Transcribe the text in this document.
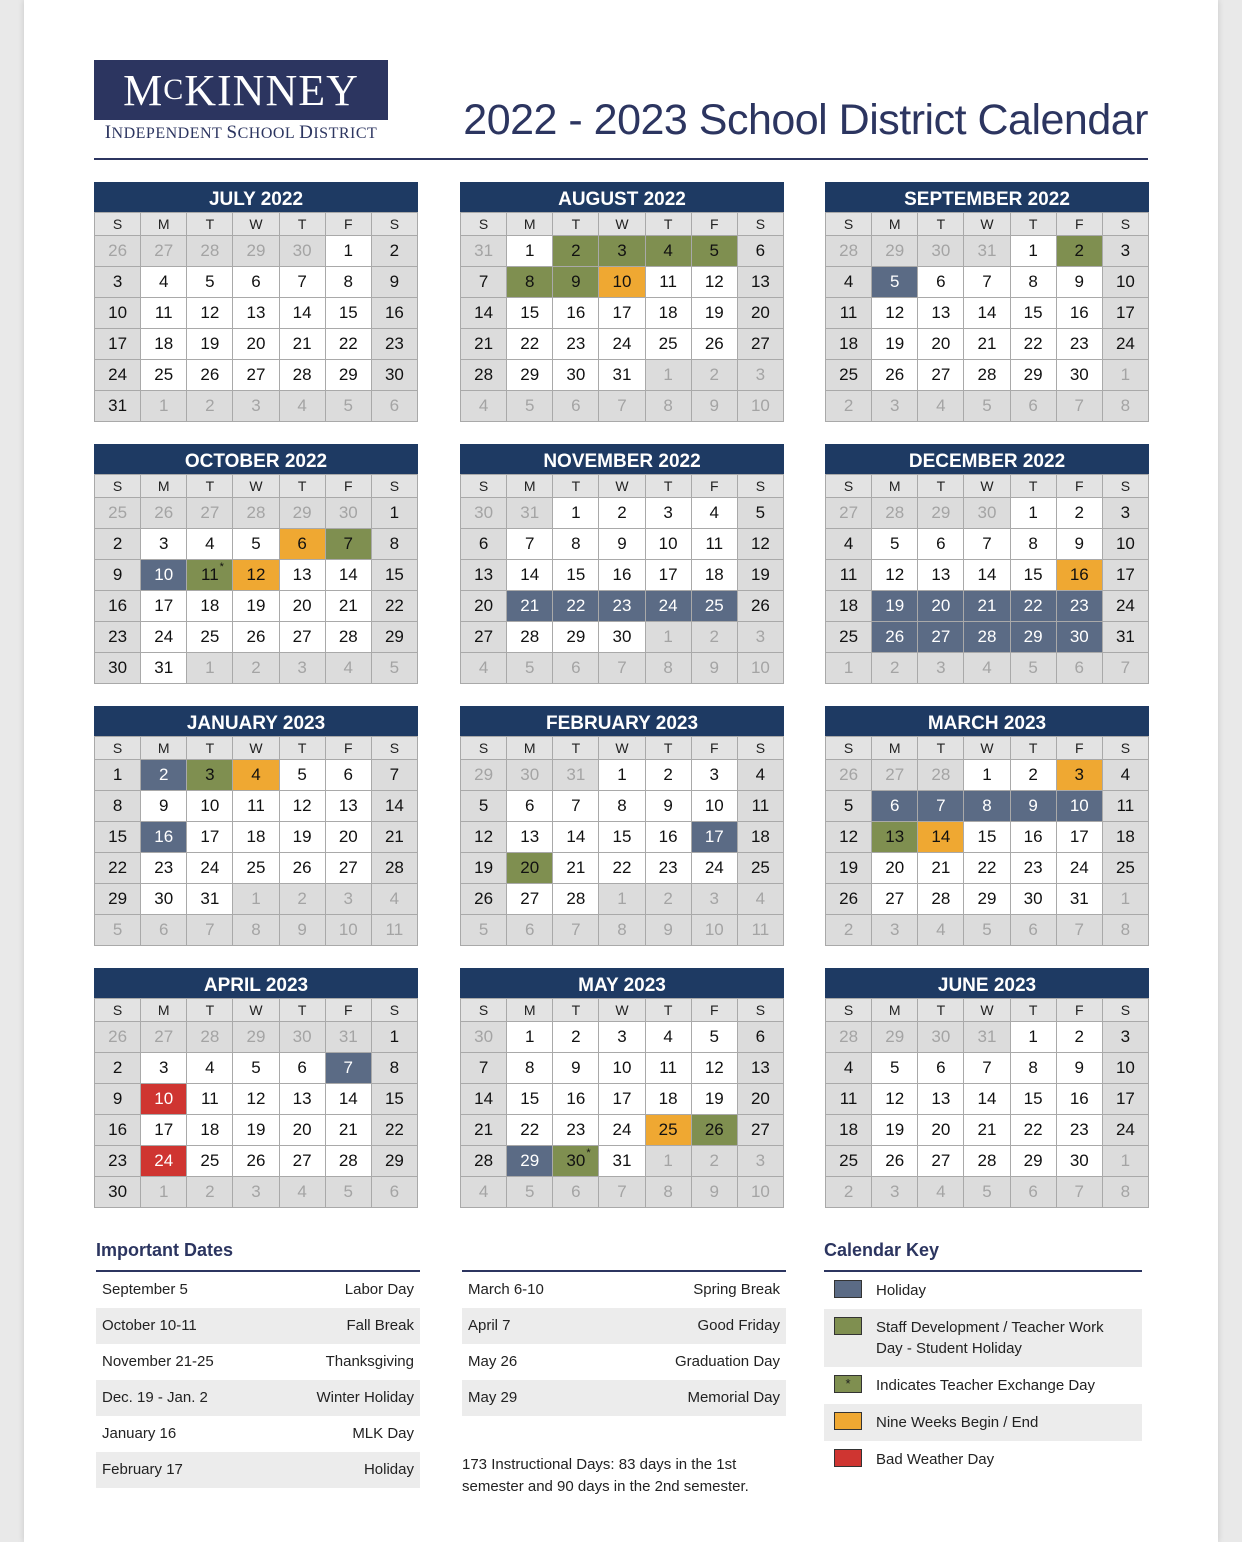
MCKINNEY
INDEPENDENT SCHOOL DISTRICT 2022 - 2023 School District Calendar
JULY 2022
S	M	T	W	T	F	S
26	27	28	29	30	1	2
3	4	5	6	7	8	9
10	11	12	13	14	15	16
17	18	19	20	21	22	23
24	25	26	27	28	29	30
31	1	2	3	4	5	6
AUGUST 2022
S	M	T	W	T	F	S
31	1	2	3	4	5	6
7	8	9	10	11	12	13
14	15	16	17	18	19	20
21	22	23	24	25	26	27
28	29	30	31	1	2	3
4	5	6	7	8	9	10
SEPTEMBER 2022
S	M	T	W	T	F	S
28	29	30	31	1	2	3
4	5	6	7	8	9	10
11	12	13	14	15	16	17
18	19	20	21	22	23	24
25	26	27	28	29	30	1
2	3	4	5	6	7	8
OCTOBER 2022
S	M	T	W	T	F	S
25	26	27	28	29	30	1
2	3	4	5	6	7	8
9	10	11 *	12	13	14	15
16	17	18	19	20	21	22
23	24	25	26	27	28	29
30	31	1	2	3	4	5
NOVEMBER 2022
S	M	T	W	T	F	S
30	31	1	2	3	4	5
6	7	8	9	10	11	12
13	14	15	16	17	18	19
20	21	22	23	24	25	26
27	28	29	30	1	2	3
4	5	6	7	8	9	10
DECEMBER 2022
S	M	T	W	T	F	S
27	28	29	30	1	2	3
4	5	6	7	8	9	10
11	12	13	14	15	16	17
18	19	20	21	22	23	24
25	26	27	28	29	30	31
1	2	3	4	5	6	7
JANUARY 2023
S	M	T	W	T	F	S
1	2	3	4	5	6	7
8	9	10	11	12	13	14
15	16	17	18	19	20	21
22	23	24	25	26	27	28
29	30	31	1	2	3	4
5	6	7	8	9	10	11
FEBRUARY 2023
S	M	T	W	T	F	S
29	30	31	1	2	3	4
5	6	7	8	9	10	11
12	13	14	15	16	17	18
19	20	21	22	23	24	25
26	27	28	1	2	3	4
5	6	7	8	9	10	11
MARCH 2023
S	M	T	W	T	F	S
26	27	28	1	2	3	4
5	6	7	8	9	10	11
12	13	14	15	16	17	18
19	20	21	22	23	24	25
26	27	28	29	30	31	1
2	3	4	5	6	7	8
APRIL 2023
S	M	T	W	T	F	S
26	27	28	29	30	31	1
2	3	4	5	6	7	8
9	10	11	12	13	14	15
16	17	18	19	20	21	22
23	24	25	26	27	28	29
30	1	2	3	4	5	6
MAY 2023
S	M	T	W	T	F	S
30	1	2	3	4	5	6
7	8	9	10	11	12	13
14	15	16	17	18	19	20
21	22	23	24	25	26	27
28	29	30 *	31	1	2	3
4	5	6	7	8	9	10
JUNE 2023
S	M	T	W	T	F	S
28	29	30	31	1	2	3
4	5	6	7	8	9	10
11	12	13	14	15	16	17
18	19	20	21	22	23	24
25	26	27	28	29	30	1
2	3	4	5	6	7	8
Important Dates
September 5	Labor Day
October 10-11	Fall Break
November 21-25	Thanksgiving
Dec. 19 - Jan. 2	Winter Holiday
January 16	MLK Day
February 17	Holiday
March 6-10	Spring Break
April 7	Good Friday
May 26	Graduation Day
May 29	Memorial Day
173 Instructional Days: 83 days in the 1st semester and 90 days in the 2nd semester.
Calendar Key
Holiday
Staff Development / Teacher Work Day - Student Holiday
*	Indicates Teacher Exchange Day
Nine Weeks Begin / End
Bad Weather Day
